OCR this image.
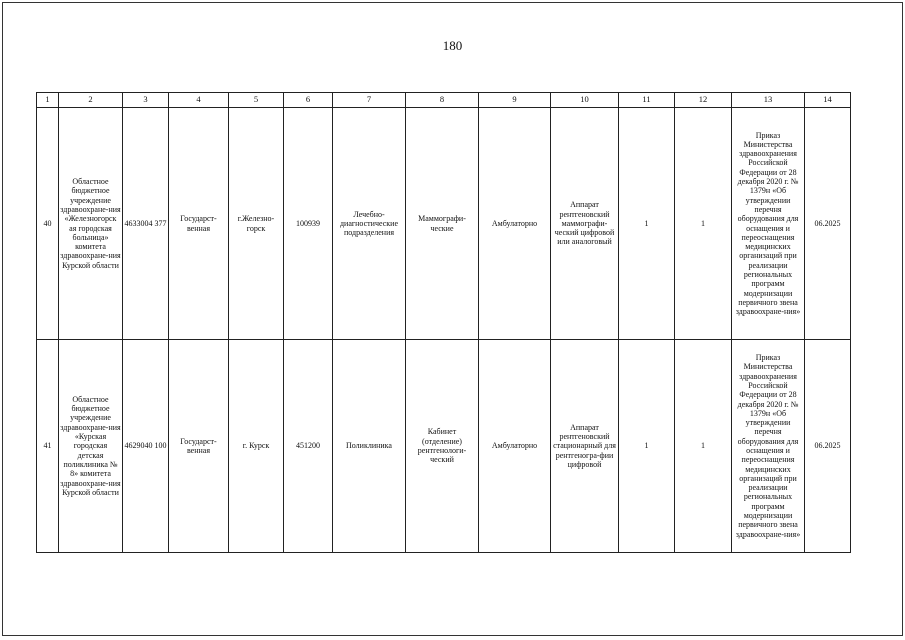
180
1	2	3	4	5	6	7	8	9	10	11	12	13	14
40	Областное бюджетное учреждение здравоохране-ния «Железногорск ая городская больница» комитета здравоохране-ния Курской области	4633004 377	Государст-венная	г.Железно-горск	100939	Лечебно-диагностические подразделения	Маммографи-ческие	Амбулаторно	Аппарат рентгеновский маммографи-ческий цифровой или аналоговый	1	1	Приказ Министерства здравоохранения Российской Федерации от 28 декабря 2020 г. № 1379н «Об утверждении перечня оборудования для оснащения и переоснащения медицинских организаций при реализации региональных программ модернизации первичного звена здравоохране-ния»	06.2025
41	Областное бюджетное учреждение здравоохране-ния «Курская городская детская поликлиника № 8» комитета здравоохране-ния Курской области	4629040 100	Государст-венная	г. Курск	451200	Поликлиника	Кабинет (отделение) рентгенологи-ческий	Амбулаторно	Аппарат рентгеновский стационарный для рентгеногра-фии цифровой	1	1	Приказ Министерства здравоохранения Российской Федерации от 28 декабря 2020 г. № 1379н «Об утверждении перечня оборудования для оснащения и переоснащения медицинских организаций при реализации региональных программ модернизации первичного звена здравоохране-ния»	06.2025
